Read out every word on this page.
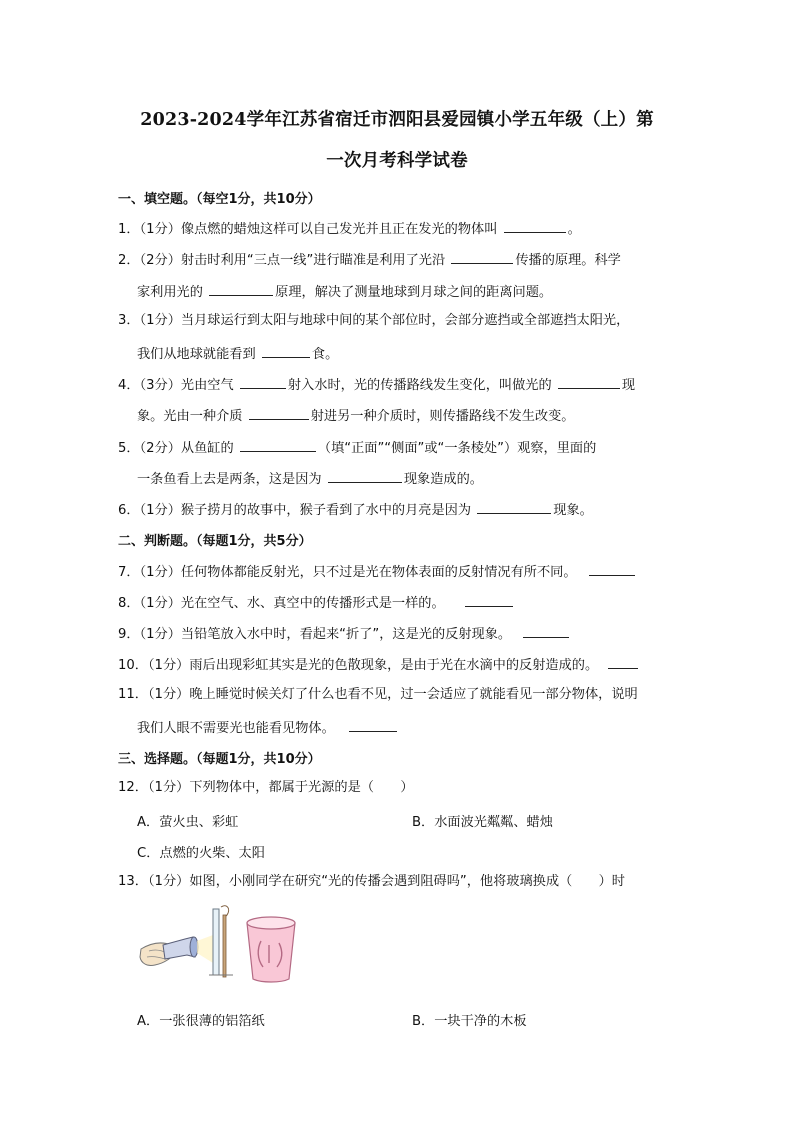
2023-2024学年江苏省宿迁市泗阳县爱园镇小学五年级（上）第
一次月考科学试卷
一、填空题。（每空1分，共10分）
1．（1分）像点燃的蜡烛这样可以自己发光并且正在发光的物体叫	。
2．（2分）射击时利用“三点一线”进行瞄准是利用了光沿	传播的原理。科学
家利用光的	原理，解决了测量地球到月球之间的距离问题。
3．（1分）当月球运行到太阳与地球中间的某个部位时，会部分遮挡或全部遮挡太阳光，
我们从地球就能看到	食。
4．（3分）光由空气	射入水时，光的传播路线发生变化，叫做光的	现
象。光由一种介质	射进另一种介质时，则传播路线不发生改变。
5．（2分）从鱼缸的	（填“正面”“侧面”或“一条棱处”）观察，里面的
一条鱼看上去是两条，这是因为	现象造成的。
6．（1分）猴子捞月的故事中，猴子看到了水中的月亮是因为	现象。
二、判断题。（每题1分，共5分）
7．（1分）任何物体都能反射光，只不过是光在物体表面的反射情况有所不同。
8．（1分）光在空气、水、真空中的传播形式是一样的。
9．（1分）当铅笔放入水中时，看起来“折了”，这是光的反射现象。
10．（1分）雨后出现彩虹其实是光的色散现象，是由于光在水滴中的反射造成的。
11．（1分）晚上睡觉时候关灯了什么也看不见，过一会适应了就能看见一部分物体，说明
我们人眼不需要光也能看见物体。
三、选择题。（每题1分，共10分）
12．（1分）下列物体中，都属于光源的是（　　）
A．萤火虫、彩虹	B．水面波光粼粼、蜡烛
C．点燃的火柴、太阳
13．（1分）如图，小刚同学在研究“光的传播会遇到阻碍吗”，他将玻璃换成（　　）时
A．一张很薄的铝箔纸	B．一块干净的木板
